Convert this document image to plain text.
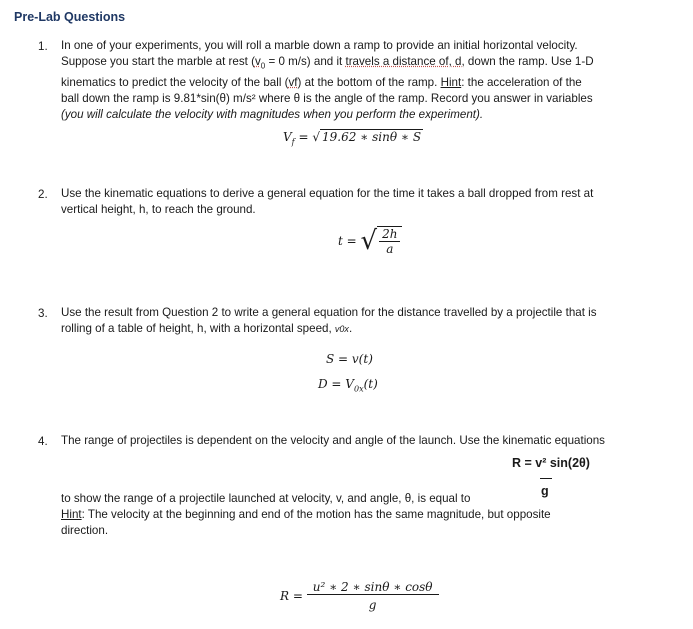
Pre-Lab Questions
1. In one of your experiments, you will roll a marble down a ramp to provide an initial horizontal velocity.

Suppose you start the marble at rest ($v_0 = 0$ m/s) and it travels a distance of, d, down the ramp. Use 1-D

kinematics to predict the velocity of the ball (vf) at the bottom of the ramp. Hint: the acceleration of the

ball down the ramp is 9.81*sin(θ) m/s² where θ is the angle of the ramp. Record you answer in variables

(you will calculate the velocity with magnitudes when you perform the experiment).

$V_f$ = √ 19.62 ∗ sinθ ∗ S
2. Use the kinematic equations to derive a general equation for the time it takes a ball dropped from rest at

vertical height, h, to reach the ground.

t = √ $\frac{2h}{a}$
3. Use the result from Question 2 to write a general equation for the distance travelled by a projectile that is

rolling of a table of height, h, with a horizontal speed, v0x.

S = v(t)
$D = V_{0x}(t)$
4. The range of projectiles is dependent on the velocity and angle of the launch. Use the kinematic equations

R = v² sin(2θ)
g

to show the range of a projectile launched at velocity, v, and angle, θ, is equal to

Hint: The velocity at the beginning and end of the motion has the same magnitude, but opposite

direction.

$R = \frac{\text{u² ∗ 2 ∗ sinθ ∗ cosθ}}{g}$
